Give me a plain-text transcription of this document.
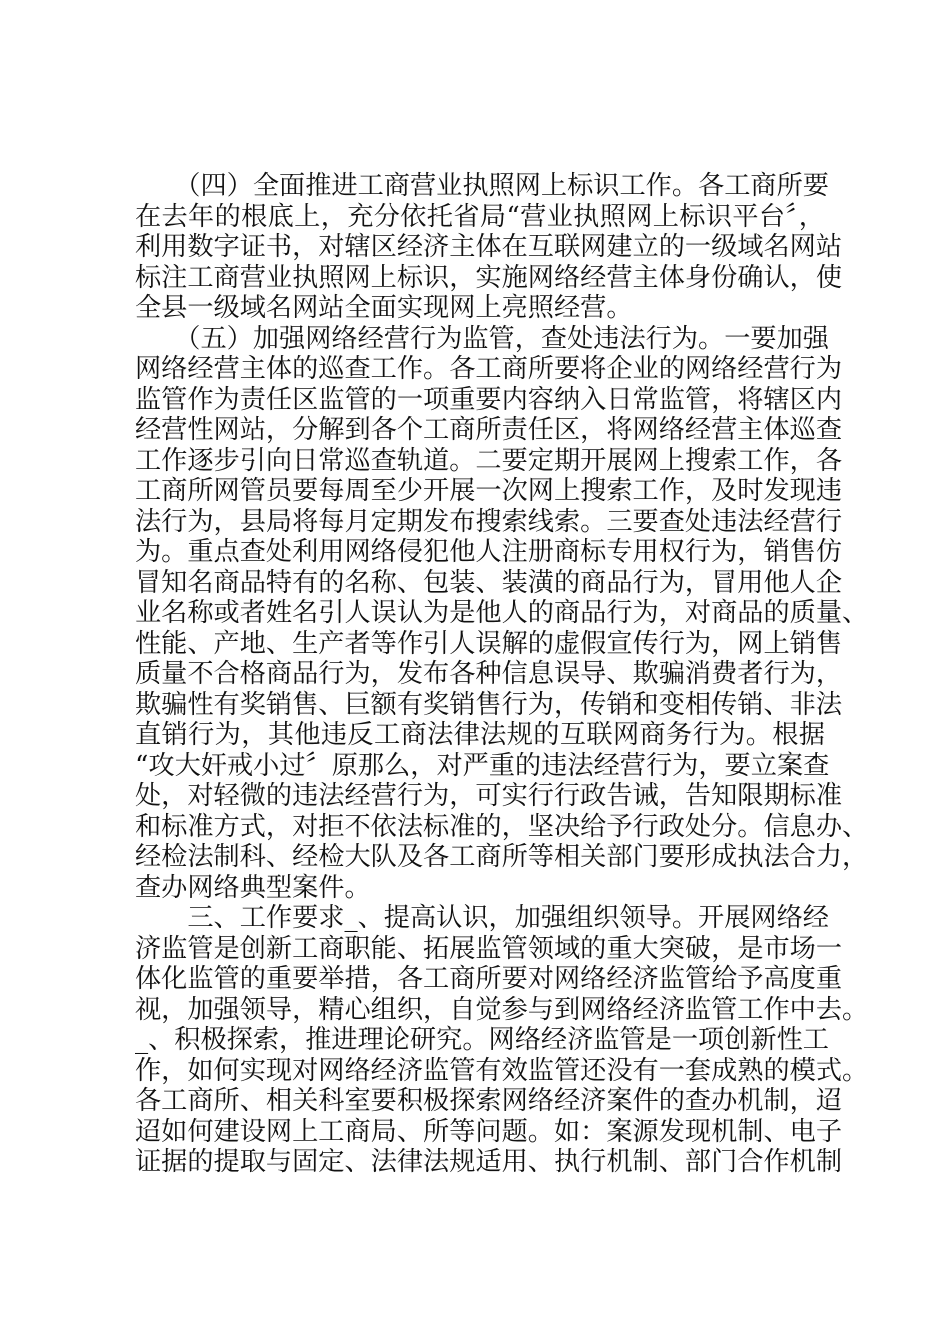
　　（四）全面推进工商营业执照网上标识工作。各工商所要
在去年的根底上，充分依托省局“营业执照网上标识平台〞，
利用数字证书，对辖区经济主体在互联网建立的一级域名网站
标注工商营业执照网上标识，实施网络经营主体身份确认，使
全县一级域名网站全面实现网上亮照经营。
　　（五）加强网络经营行为监管，查处违法行为。一要加强
网络经营主体的巡查工作。各工商所要将企业的网络经营行为
监管作为责任区监管的一项重要内容纳入日常监管，将辖区内
经营性网站，分解到各个工商所责任区，将网络经营主体巡查
工作逐步引向日常巡查轨道。二要定期开展网上搜索工作，各
工商所网管员要每周至少开展一次网上搜索工作，及时发现违
法行为，县局将每月定期发布搜索线索。三要查处违法经营行
为。重点查处利用网络侵犯他人注册商标专用权行为，销售仿
冒知名商品特有的名称、包装、装潢的商品行为，冒用他人企
业名称或者姓名引人误认为是他人的商品行为，对商品的质量、
性能、产地、生产者等作引人误解的虚假宣传行为，网上销售
质量不合格商品行为，发布各种信息误导、欺骗消费者行为，
欺骗性有奖销售、巨额有奖销售行为，传销和变相传销、非法
直销行为，其他违反工商法律法规的互联网商务行为。根据
“攻大奸戒小过〞原那么，对严重的违法经营行为，要立案查
处，对轻微的违法经营行为，可实行行政告诫，告知限期标准
和标准方式，对拒不依法标准的，坚决给予行政处分。信息办、
经检法制科、经检大队及各工商所等相关部门要形成执法合力，
查办网络典型案件。
　　三、工作要求_、提高认识，加强组织领导。开展网络经
济监管是创新工商职能、拓展监管领域的重大突破，是市场一
体化监管的重要举措，各工商所要对网络经济监管给予高度重
视，加强领导，精心组织，自觉参与到网络经济监管工作中去。
_、积极探索，推进理论研究。网络经济监管是一项创新性工
作，如何实现对网络经济监管有效监管还没有一套成熟的模式。
各工商所、相关科室要积极探索网络经济案件的查办机制，迢
迢如何建设网上工商局、所等问题。如：案源发现机制、电子
证据的提取与固定、法律法规适用、执行机制、部门合作机制
